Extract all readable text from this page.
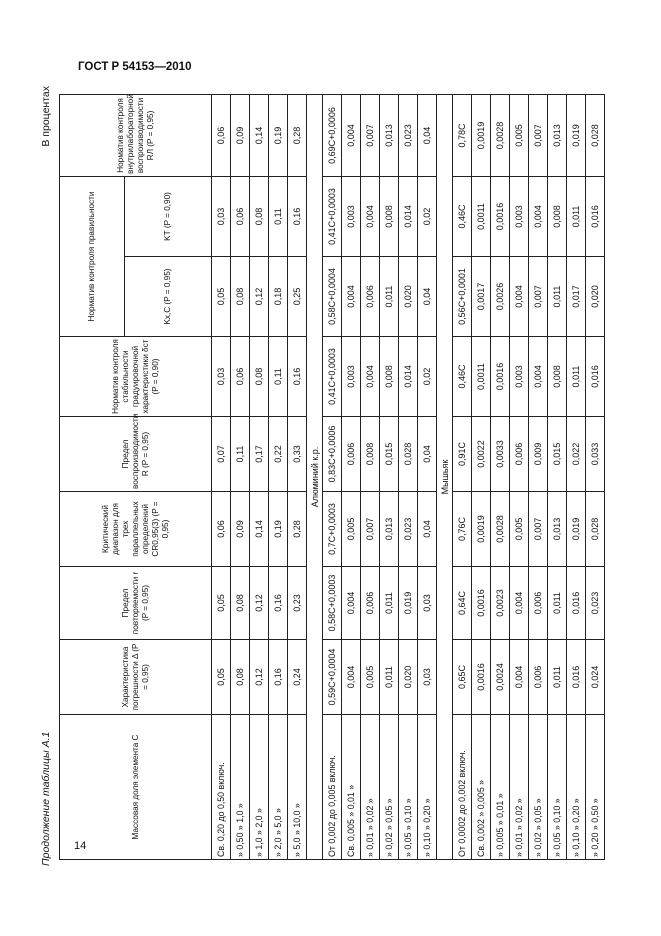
ГОСТ Р 54153—2010
Продолжение таблицы А.1
В процентах
Массовая доля элемента C	Характеристика погрешности Δ (P = 0,95)	Предел повторяемости r (P = 0,95)	Критический диапазон для трех параллельных определений CR0,95(3) (P = 0,95)	Предел воспроизводимости R (P = 0,95)	Норматив контроля стабильности градуировочной характеристики δст (P = 0,90)	Норматив контроля правильности		Норматив контроля внутрилабораторной воспроизводимости RЛ (P = 0,95)
						Kх,С (P = 0,95)	KТ (P = 0,90)	
Св. 0,20 до 0,50 включ.	0,05	0,05	0,06	0,07	0,03	0,05	0,03	0,06
» 0,50 » 1,0 »	0,08	0,08	0,09	0,11	0,06	0,08	0,06	0,09
» 1,0 » 2,0 »	0,12	0,12	0,14	0,17	0,08	0,12	0,08	0,14
» 2,0 » 5,0 »	0,16	0,16	0,19	0,22	0,11	0,18	0,11	0,19
» 5,0 » 10,0 »	0,24	0,23	0,28	0,33	0,16	0,25	0,16	0,28
Алюминий к.р.								
От 0,002 до 0,005 включ.	0,59C+0,0004	0,58C+0,0003	0,7C+0,0003	0,83C+0,0006	0,41C+0,0003	0,58C+0,0004	0,41C+0,0003	0,69C+0,0006
Св. 0,005 » 0,01 »	0,004	0,004	0,005	0,006	0,003	0,004	0,003	0,004
» 0,01 » 0,02 »	0,005	0,006	0,007	0,008	0,004	0,006	0,004	0,007
» 0,02 » 0,05 »	0,011	0,011	0,013	0,015	0,008	0,011	0,008	0,013
» 0,05 » 0,10 »	0,020	0,019	0,023	0,028	0,014	0,020	0,014	0,023
» 0,10 » 0,20 »	0,03	0,03	0,04	0,04	0,02	0,04	0,02	0,04
Мышьяк								
От 0,0002 до 0,002 включ.	0,65C	0,64C	0,76C	0,91C	0,46C	0,56C+0,0001	0,46C	0,78C
Св. 0,002 » 0,005 »	0,0016	0,0016	0,0019	0,0022	0,0011	0,0017	0,0011	0,0019
» 0,005 » 0,01 »	0,0024	0,0023	0,0028	0,0033	0,0016	0,0026	0,0016	0,0028
» 0,01 » 0,02 »	0,004	0,004	0,005	0,006	0,003	0,004	0,003	0,005
» 0,02 » 0,05 »	0,006	0,006	0,007	0,009	0,004	0,007	0,004	0,007
» 0,05 » 0,10 »	0,011	0,011	0,013	0,015	0,008	0,011	0,008	0,013
» 0,10 » 0,20 »	0,016	0,016	0,019	0,022	0,011	0,017	0,011	0,019
» 0,20 » 0,50 »	0,024	0,023	0,028	0,033	0,016	0,020	0,016	0,028
14
